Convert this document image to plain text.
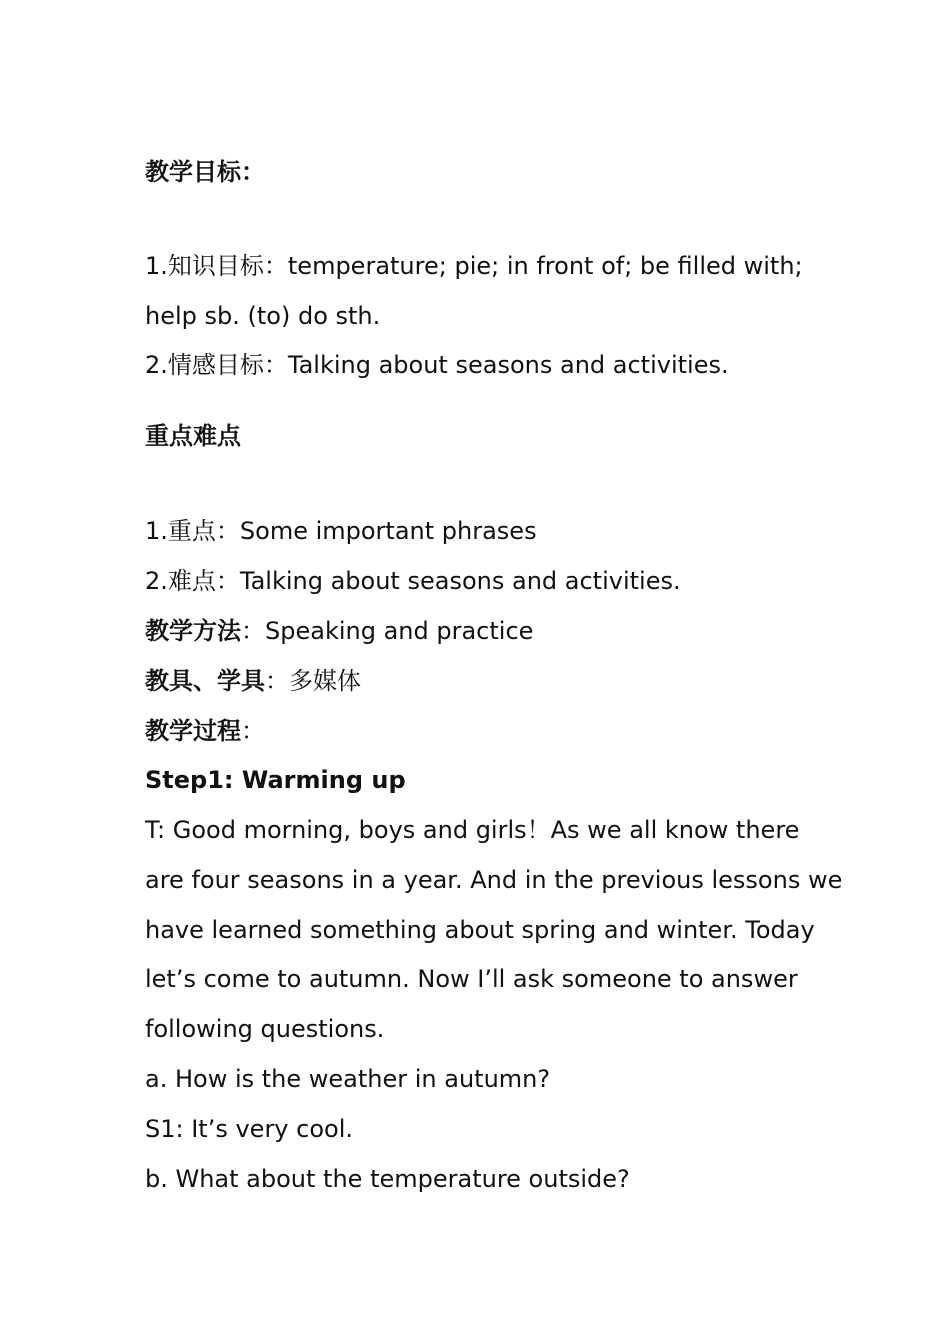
教学目标：
1.知识目标：temperature; pie; in front of; be filled with;
help sb. (to) do sth.
2.情感目标：Talking about seasons and activities.
重点难点
1.重点：Some important phrases
2.难点：Talking about seasons and activities.
教学方法：Speaking and practice
教具、学具：多媒体
教学过程：
Step1: Warming up
T: Good morning, boys and girls！As we all know there
are four seasons in a year. And in the previous lessons we
have learned something about spring and winter. Today
let’s come to autumn. Now I’ll ask someone to answer
following questions.
a. How is the weather in autumn?
S1: It’s very cool.
b. What about the temperature outside?
